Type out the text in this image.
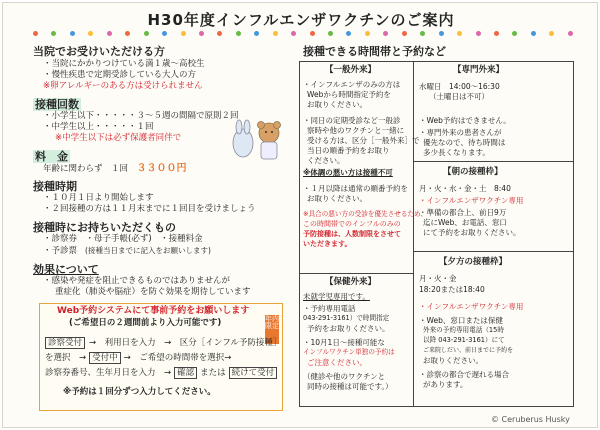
H30年度インフルエンザワクチンのご案内
当院でお受けいただける方
・当院にかかりつけている満１歳〜高校生
・慢性疾患で定期受診している大人の方
※卵アレルギーのある方は受けられません
接種回数
・小学生以下・・・・・３〜５週の間隔で原則２回
・中学生以上・・・・・１回
※中学生以下は必ず保護者同伴で
料　金
年齢に関わらず　１回　３３００円
接種時期
・１０月１日より開始します
・２回接種の方は１１月末までに１回目を受けましょう
接種時にお持ちいただくもの
・診察券　・母子手帳(必ず)　・接種料金
・予診票 (接種当日までに記入をお願いします)
効果について
・感染や発症を阻止できるものではありませんが
重症化（肺炎や脳症）を防ぐ効果を期待しています
Web予約システムにて事前予約をお願いします
(ご希望日の２週間前より入力可能です)	年内限定
診察受付 →　利用日を入力　→　区分［インフル予防接種］
を選択　→ 受付中 →　ご希望の時間帯を選択→
診察券番号、生年月日を入力　→ 確認 または 続けて受付
※予約は１回分ずつ入力してください。
接種できる時間帯と予約など
【一般外来】
・インフルエンザのみの方は
Webから時間指定予約を
お取りください。
・同日の定期受診など一般診
察時や他のワクチンと一緒に
受ける方は、区分［一般外来］で
当日の順番予約をお取り
ください。
※体調の悪い方は接種不可
・１月以降は通常の順番予約を
お取りください。
※具合の悪い方の受診を優先させるため、
この時間帯でのインフルのみの
予防接種は、人数制限をさせて
いただきます。
【保健外来】
未就学児専用です。
・予約専用電話
043-291-3161）で時間指定
予約をお取りください。
・10月1日〜接種可能な
インフルワクチン単独の予約は
ご注意ください。
（健診や他のワクチンと
同時の接種は可能です。）
【専門外来】
水曜日　14:00〜16:30
（土曜日は不可）
・Web予約はできません。
・専門外来の患者さんが
優先なので、待ち時間は
多少長くなります。
【朝の接種枠】
月・火・水・金・土　8:40
・インフルエンザワクチン専用
・準備の都合上、前日9万
迄にWeb、お電話、窓口
にて予約をお取りください。
【夕方の接種枠】
月・火・金
18:20または18:40
・インフルエンザワクチン専用
・Web、窓口または保健
外来の予約専用電話（15時
以降 043-291-3161）にて
ご来院しだい、前日までに予約を
お取りください。
・診察の都合で遅れる場合
があります。
© Ceruberus Husky
